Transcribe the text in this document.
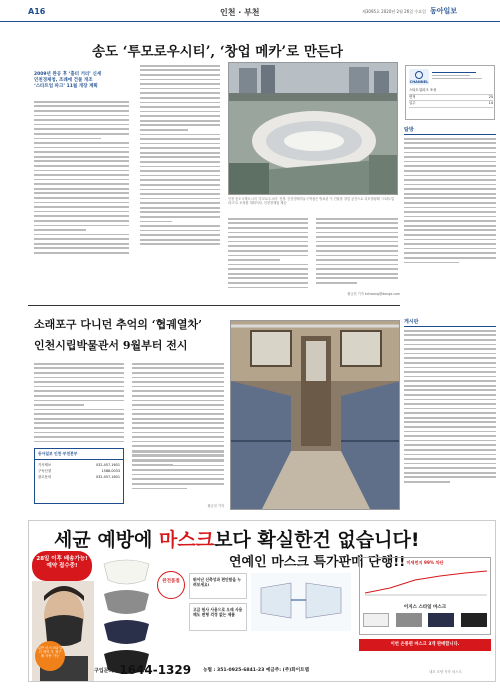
A16	인천 · 부천	제3095호 2020년 2월 26일 수요일 동아일보
송도 ‘투모로우시티’, ‘창업 메카’로 만든다
CHANNEL
스타트업파크 조성
면적	25
입주	14
2009년 완공 후 ‘흉터 거리’ 신세
인천경제청, 조례에 건물 개조
‘스타트업 파크’ 11월 개장 계획
인천 송도국제도시의 ‘투모로우시티’ 전경. 인천경제자유구역청은 방치된 이 건물을 창업 공간으로 리모델링해 ‘스타트업 파크’로 조성할 계획이다. 인천경제청 제공
황금천 기자 kchwang@donga.com
탐방
소래포구 다니던 추억의 ‘협궤열차’
인천시립박물관서 9월부터 전시
동아일보 인천·부천본부
기사제보	032-457-1601
구독신청	1588-0033
광고문의	032-457-1601
황금천 기자
게시판
세균 예방에 마스크보다 확실한건 없습니다!
연예인 마스크 특가판매 단행!!
28일 이후 배송가능! 예약 접수중!
일반 마스크와 달리 세탁 후 재구매 사용 가능
완전품절	뛰어난 신축성과 편안함을 누려보세요!
고급 원사 사용으로 오래 사용해도 변형 걱정 없는 제품
미세먼지 99% 차단
이지스 스타일 마스크
이번 온통편 마스크 3개 판매합니다.
구입문의 1644-1329	농협 : 351-0925-6841-23 예금주: (주)화이트랩	네모 모양 사각 마스크
